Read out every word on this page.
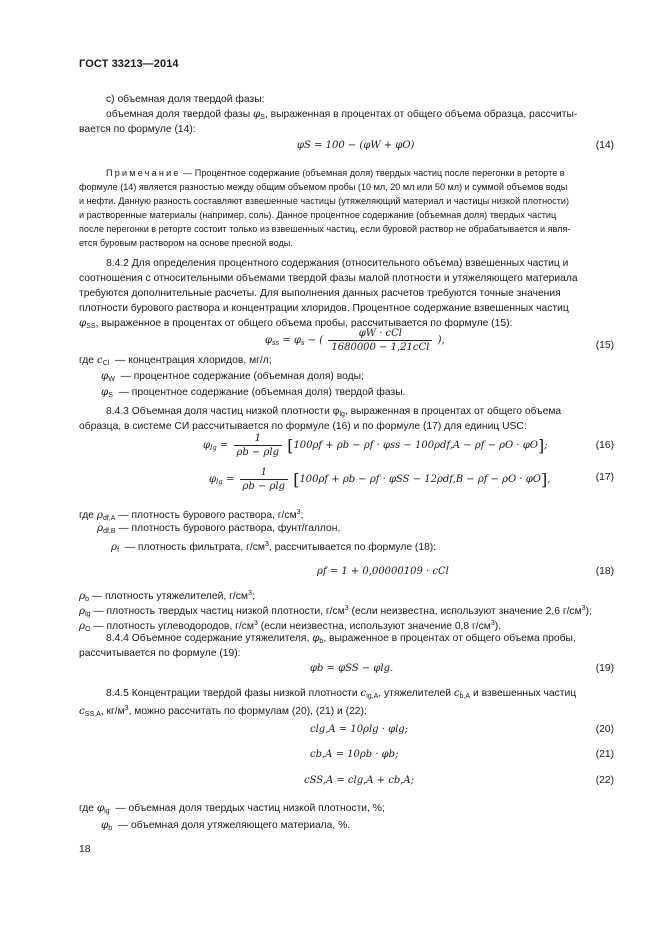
ГОСТ 33213—2014
с) объемная доля твердой фазы:
объемная доля твердой фазы $\varphi_S$, выраженная в процентах от общего объема образца, рассчиты-
вается по формуле (14):
φS = 100 − (φW + φO)	(14)
Примечание — Процентное содержание (объемная доля) твердых частиц после перегонки в реторте в
формуле (14) является разностью между общим объемом пробы (10 мл, 20 мл или 50 мл) и суммой объемов воды
и нефти. Данную разность составляют взвешенные частицы (утяжеляющий материал и частицы низкой плотности)
и растворенные материалы (например, соль). Данное процентное содержание (объемная доля) твердых частиц
после перегонки в реторте состоит только из взвешенных частиц, если буровой раствор не обрабатывается и явля-
ется буровым раствором на основе пресной воды.
8.4.2 Для определения процентного содержания (относительного объема) взвешенных частиц и
соотношения с относительными объемами твердой фазы малой плотности и утяжеляющего материала
требуются дополнительные расчеты. Для выполнения данных расчетов требуются точные значения
плотности бурового раствора и концентрации хлоридов. Процентное содержание взвешенных частиц
$\varphi_{SS}$, выраженное в процентах от общего объема пробы, рассчитывается по формуле (15):
$\varphi_{ss} = \varphi_s$ − ( $\frac{\text{φW · cCl}}{\text{1680000 − 1,21cCl}}$ ),	(15)
где $c_{Cl}$ — концентрация хлоридов, мг/л;
$\varphi_W$ — процентное содержание (объемная доля) воды;
$\varphi_S$ — процентное содержание (объемная доля) твердой фазы.
8.4.3 Объемная доля частиц низкой плотности $\varphi_{lg}$, выраженная в процентах от общего объема
образца, в системе СИ рассчитывается по формуле (16) и по формуле (17) для единиц USC:
$\varphi_{lg} = \frac{1}{\rho b - \rho\lg} [100\rho f + \rho b - \rho f \cdot \varphi ss - 100\rho df,A - \rho f - \rho O \cdot \varphi O]$;	(16)
$\varphi_{lg} = \frac{1}{\rho b - \rho\lg} [100\rho f + \rho b - \rho f \cdot \varphi SS - 12\rho df,B - \rho f - \rho O \cdot \varphi O]$,	(17)
где $\rho_{df,A}$ — плотность бурового раствора, $г/см^3$;
$\rho_{df,B}$ — плотность бурового раствора, фунт/галлон,
$\rho_f$ — плотность фильтрата, $г/см^3$, рассчитывается по формуле (18):
ρf = 1 + 0,00000109 · cCl	(18)
$\rho_b$ — плотность утяжелителей, $г/см^3$;
$\rho_{lg}$ — плотность твердых частиц низкой плотности, $г/см^3$ (если неизвестна, используют значение 2,6 $г/см^3$);
$\rho_O$ — плотность углеводородов, $г/см^3$ (если неизвестна, используют значение 0,8 $г/см^3$).
8.4.4 Объемное содержание утяжелителя, $\varphi_b$, выраженное в процентах от общего объема пробы,
рассчитывается по формуле (19):
φb = φSS − φlg.	(19)
8.4.5 Концентрации твердой фазы низкой плотности $c_{lg,A}$, утяжелителей $c_{b,A}$ и взвешенных частиц
$c_{SS,A}$, $кг/м^3$, можно рассчитать по формулам (20), (21) и (22):
clg,A = 10ρlg · φlg;	(20)
cb,A = 10ρb · φb;	(21)
cSS,A = clg,A + cb,A;	(22)
где $\varphi_{lg}$ — объемная доля твердых частиц низкой плотности, %;
$\varphi_b$ — объемная доля утяжеляющего материала, %.
18
